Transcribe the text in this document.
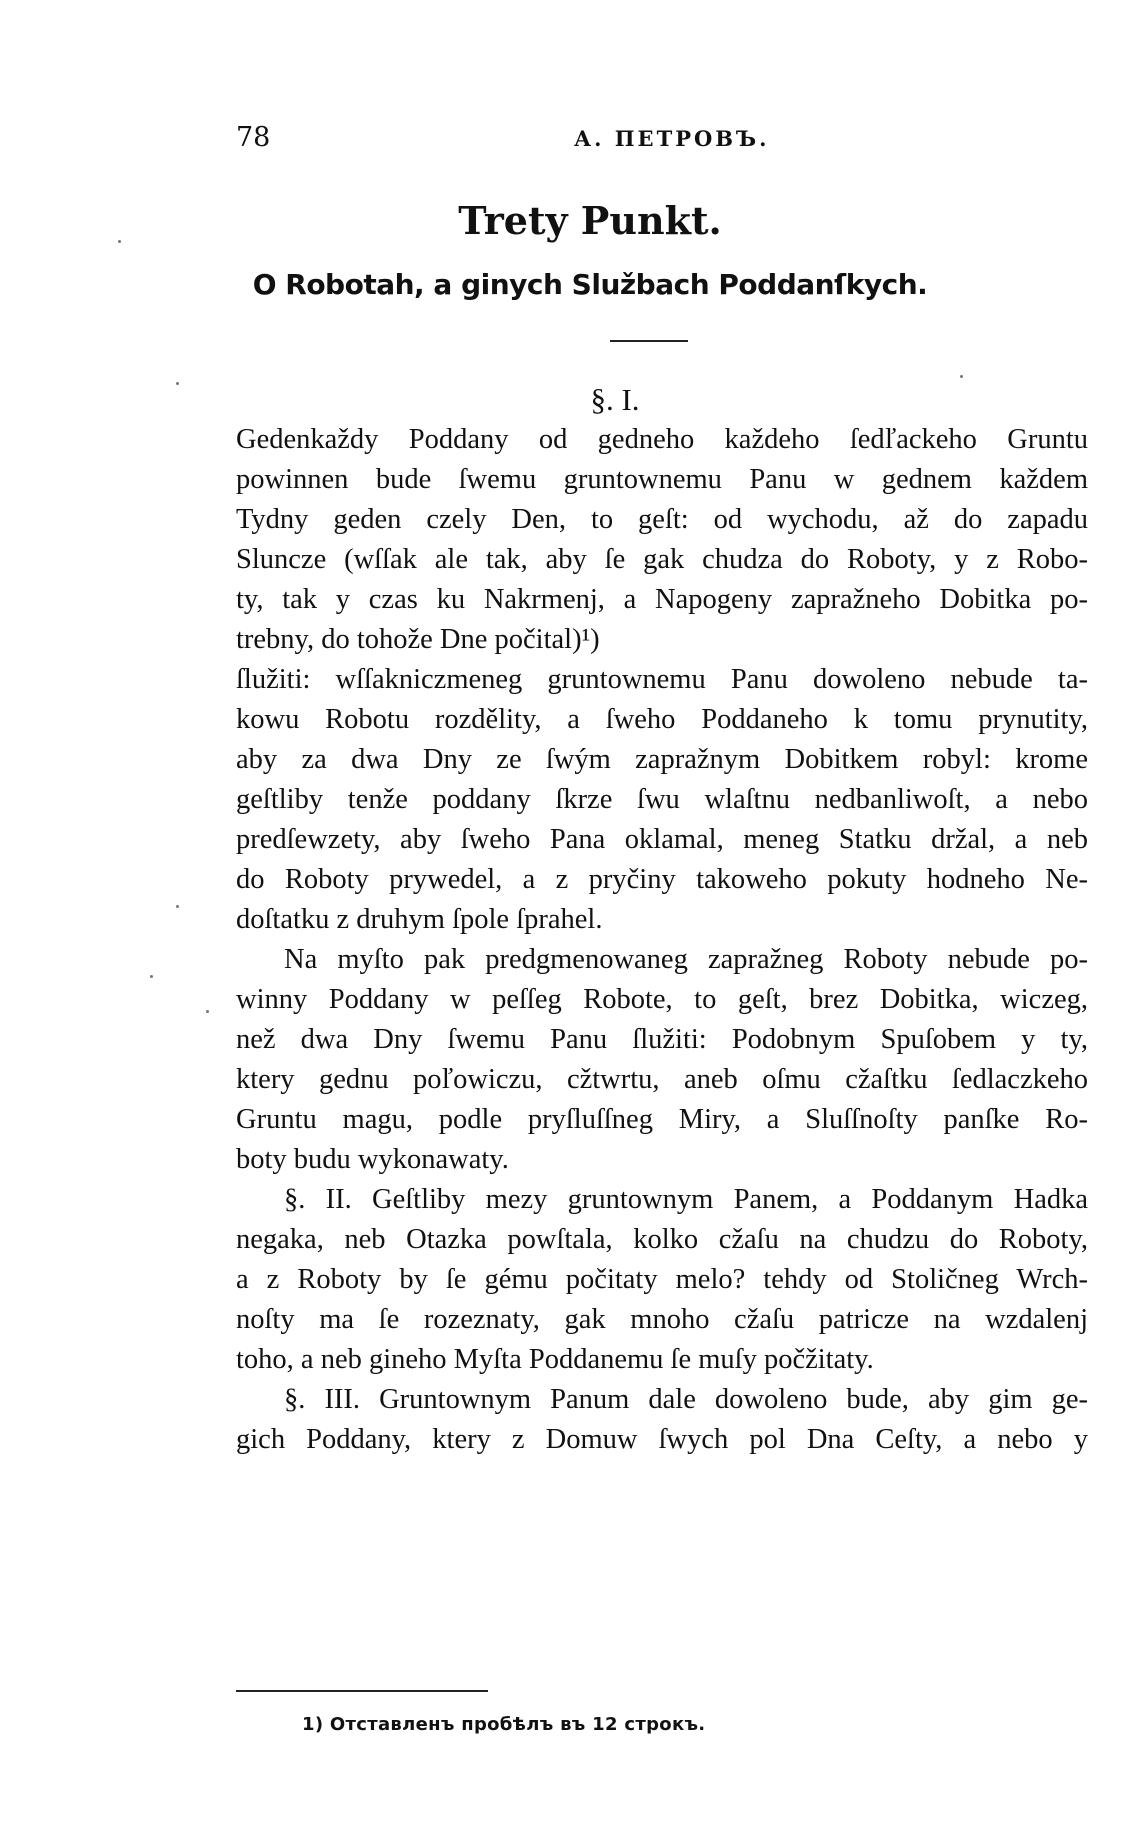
78	А. ПЕТРОВЪ.
Trety Punkt.
O Robotah, a ginych Službach Poddanſkych.
§. I.
Gedenkaždy Poddany od gedneho každeho ſedľackeho Gruntu
powinnen bude ſwemu gruntownemu Panu w gednem každem
Tydny geden czely Den, to geſt: od wychodu, až do zapadu
Sluncze (wſſak ale tak, aby ſe gak chudza do Roboty, y z Robo-
ty, tak y czas ku Nakrmenj, a Napogeny zapražneho Dobitka po-
trebny, do tohože Dne počital)¹)
ſlužiti: wſſakniczmeneg gruntownemu Panu dowoleno nebude ta-
kowu Robotu rozdělity, a ſweho Poddaneho k tomu prynutity,
aby za dwa Dny ze ſwým zapražnym Dobitkem robyl: krome
geſtliby tenže poddany ſkrze ſwu wlaſtnu nedbanliwoſt, a nebo
predſewzety, aby ſweho Pana oklamal, meneg Statku držal, a neb
do Roboty prywedel, a z pryčiny takoweho pokuty hodneho Ne-
doſtatku z druhym ſpole ſprahel.
Na myſto pak predgmenowaneg zapražneg Roboty nebude po-
winny Poddany w peſſeg Robote, to geſt, brez Dobitka, wiczeg,
než dwa Dny ſwemu Panu ſlužiti: Podobnym Spuſobem y ty,
ktery gednu poľowiczu, cžtwrtu, aneb oſmu cžaſtku ſedlaczkeho
Gruntu magu, podle pryſluſſneg Miry, a Sluſſnoſty panſke Ro-
boty budu wykonawaty.
§. II. Geſtliby mezy gruntownym Panem, a Poddanym Hadka
negaka, neb Otazka powſtala, kolko cžaſu na chudzu do Roboty,
a z Roboty by ſe gému počitaty melo? tehdy od Stoličneg Wrch-
noſty ma ſe rozeznaty, gak mnoho cžaſu patricze na wzdalenj
toho, a neb gineho Myſta Poddanemu ſe muſy počžitaty.
§. III. Gruntownym Panum dale dowoleno bude, aby gim ge-
gich Poddany, ktery z Domuw ſwych pol Dna Ceſty, a nebo y
1) Отставленъ пробѣлъ въ 12 строкъ.
